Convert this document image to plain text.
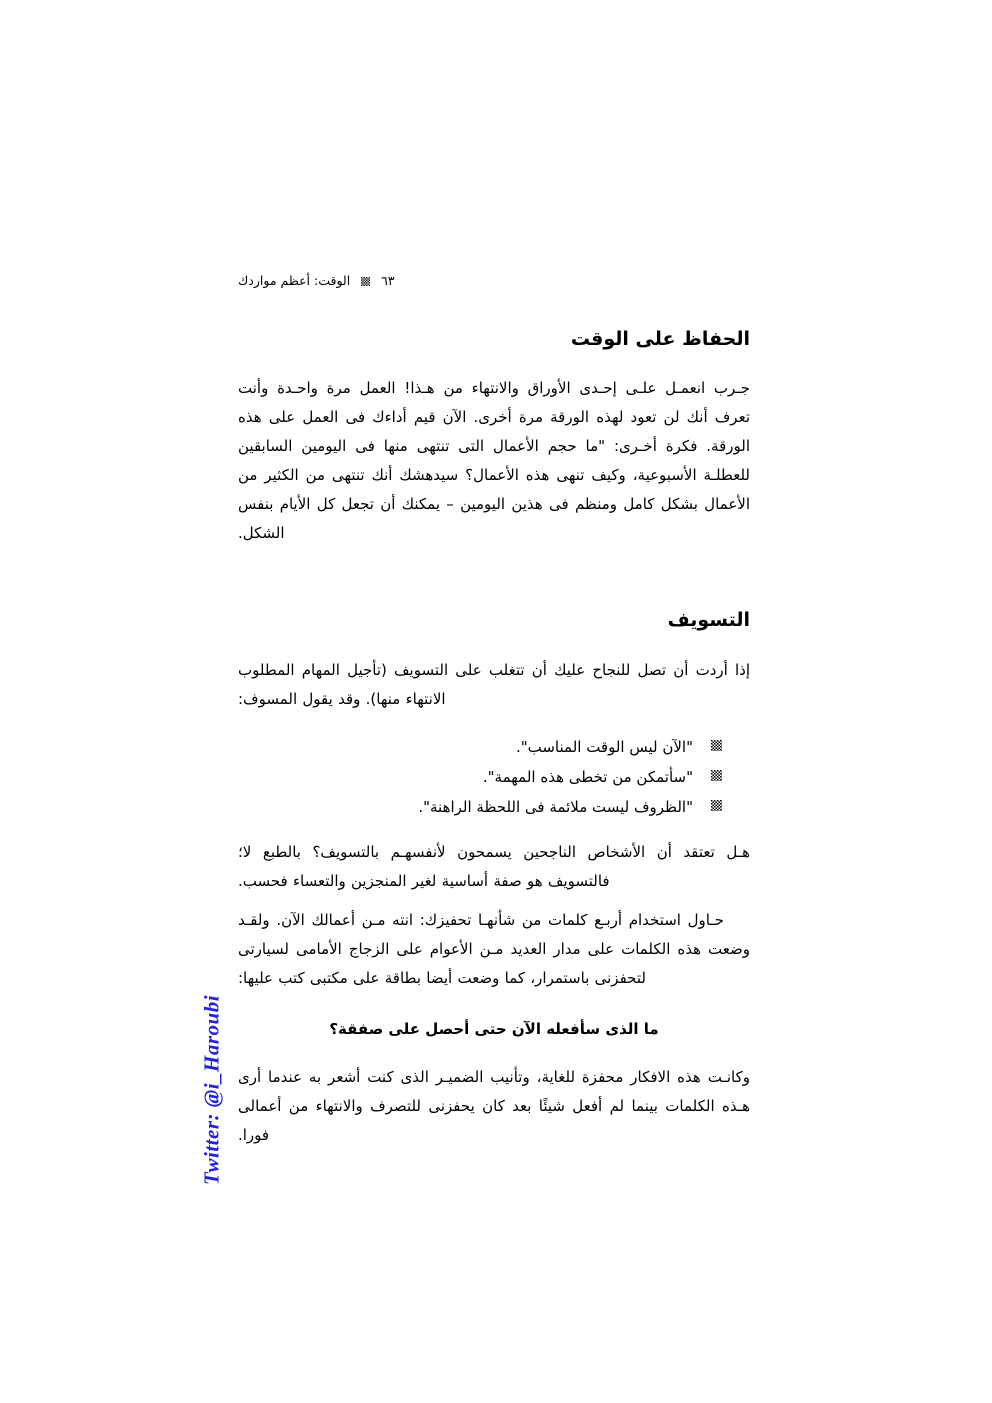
٦٣  الوقت: أعظم مواردك
الحفاظ على الوقت

جـرب انعمـل علـى إحـدى الأوراق والانتهاء من هـذا! العمل مرة واحـدة وأنت تعرف أنك لن تعود لهذه الورقة مرة أخرى. الآن قيم أداءك فى العمل على هذه الورقة. فكرة أخـرى: "ما حجم الأعمال التى تنتهى منها فى اليومين السابقين للعطلـة الأسبوعية، وكيف تنهى هذه الأعمال؟ سيدهشك أنك تنتهى من الكثير من الأعمال بشكل كامل ومنظم فى هذين اليومين – يمكنك أن تجعل كل الأيام بنفس الشكل.

التسويف

إذا أردت أن تصل للنجاح عليك أن تتغلب على التسويف (تأجيل المهام المطلوب الانتهاء منها). وقد يقول المسوف:

"الآن ليس الوقت المناسب".
"سأتمكن من تخطى هذه المهمة".
"الظروف ليست ملائمة فى اللحظة الراهنة".

هـل تعتقد أن الأشخاص الناجحين يسمحون لأنفسهـم بالتسويف؟ بالطبع لا؛ فالتسويف هو صفة أساسية لغير المنجزين والتعساء فحسب.

حـاول استخدام أربـع كلمات من شأنهـا تحفيزك: انته مـن أعمالك الآن. ولقـد وضعت هذه الكلمات على مدار العديد مـن الأعوام على الزجاج الأمامى لسيارتى لتحفزنى باستمرار، كما وضعت أيضا بطاقة على مكتبى كتب عليها:

ما الذى سأفعله الآن حتى أحصل على صفقة؟

وكانـت هذه الافكار محفزة للغاية، وتأنيب الضميـر الذى كنت أشعر به عندما أرى هـذه الكلمات بينما لم أفعل شيئًا بعد كان يحفزنى للتصرف والانتهاء من أعمالى فورا.

Twitter: @i_Haroubi
